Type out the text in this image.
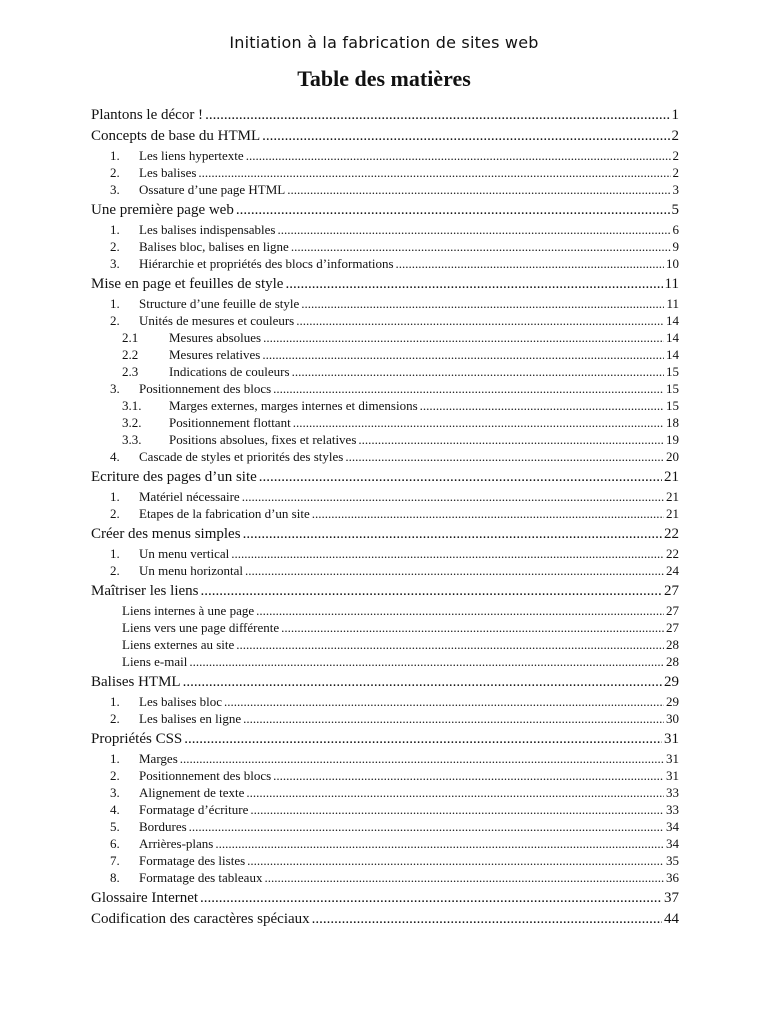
Initiation à la fabrication de sites web
Table des matières
Plantons le décor ! .....	1
Concepts de base du HTML .....	2
1.	Les liens hypertexte .....	2
2.	Les balises .....	2
3.	Ossature d’une page HTML .....	3
Une première page web .....	5
1.	Les balises indispensables .....	6
2.	Balises bloc, balises en ligne .....	9
3.	Hiérarchie et propriétés des blocs d’informations .....	10
Mise en page et feuilles de style .....	11
1.	Structure d’une feuille de style .....	11
2.	Unités de mesures et couleurs .....	14
2.1	Mesures absolues .....	14
2.2	Mesures relatives .....	14
2.3	Indications de couleurs .....	15
3.	Positionnement des blocs .....	15
3.1.	Marges externes, marges internes et dimensions .....	15
3.2.	Positionnement flottant .....	18
3.3.	Positions absolues, fixes et relatives .....	19
4.	Cascade de styles et priorités des styles .....	20
Ecriture des pages d’un site .....	21
1.	Matériel nécessaire .....	21
2.	Etapes de la fabrication d’un site .....	21
Créer des menus simples .....	22
1.	Un menu vertical .....	22
2.	Un menu horizontal .....	24
Maîtriser les liens .....	27
Liens internes à une page .....	27
Liens vers une page différente .....	27
Liens externes au site .....	28
Liens e-mail .....	28
Balises HTML .....	29
1.	Les balises bloc .....	29
2.	Les balises en ligne .....	30
Propriétés CSS .....	31
1.	Marges .....	31
2.	Positionnement des blocs .....	31
3.	Alignement de texte .....	33
4.	Formatage d’écriture .....	33
5.	Bordures .....	34
6.	Arrières-plans .....	34
7.	Formatage des listes .....	35
8.	Formatage des tableaux .....	36
Glossaire Internet .....	37
Codification des caractères spéciaux .....	44
